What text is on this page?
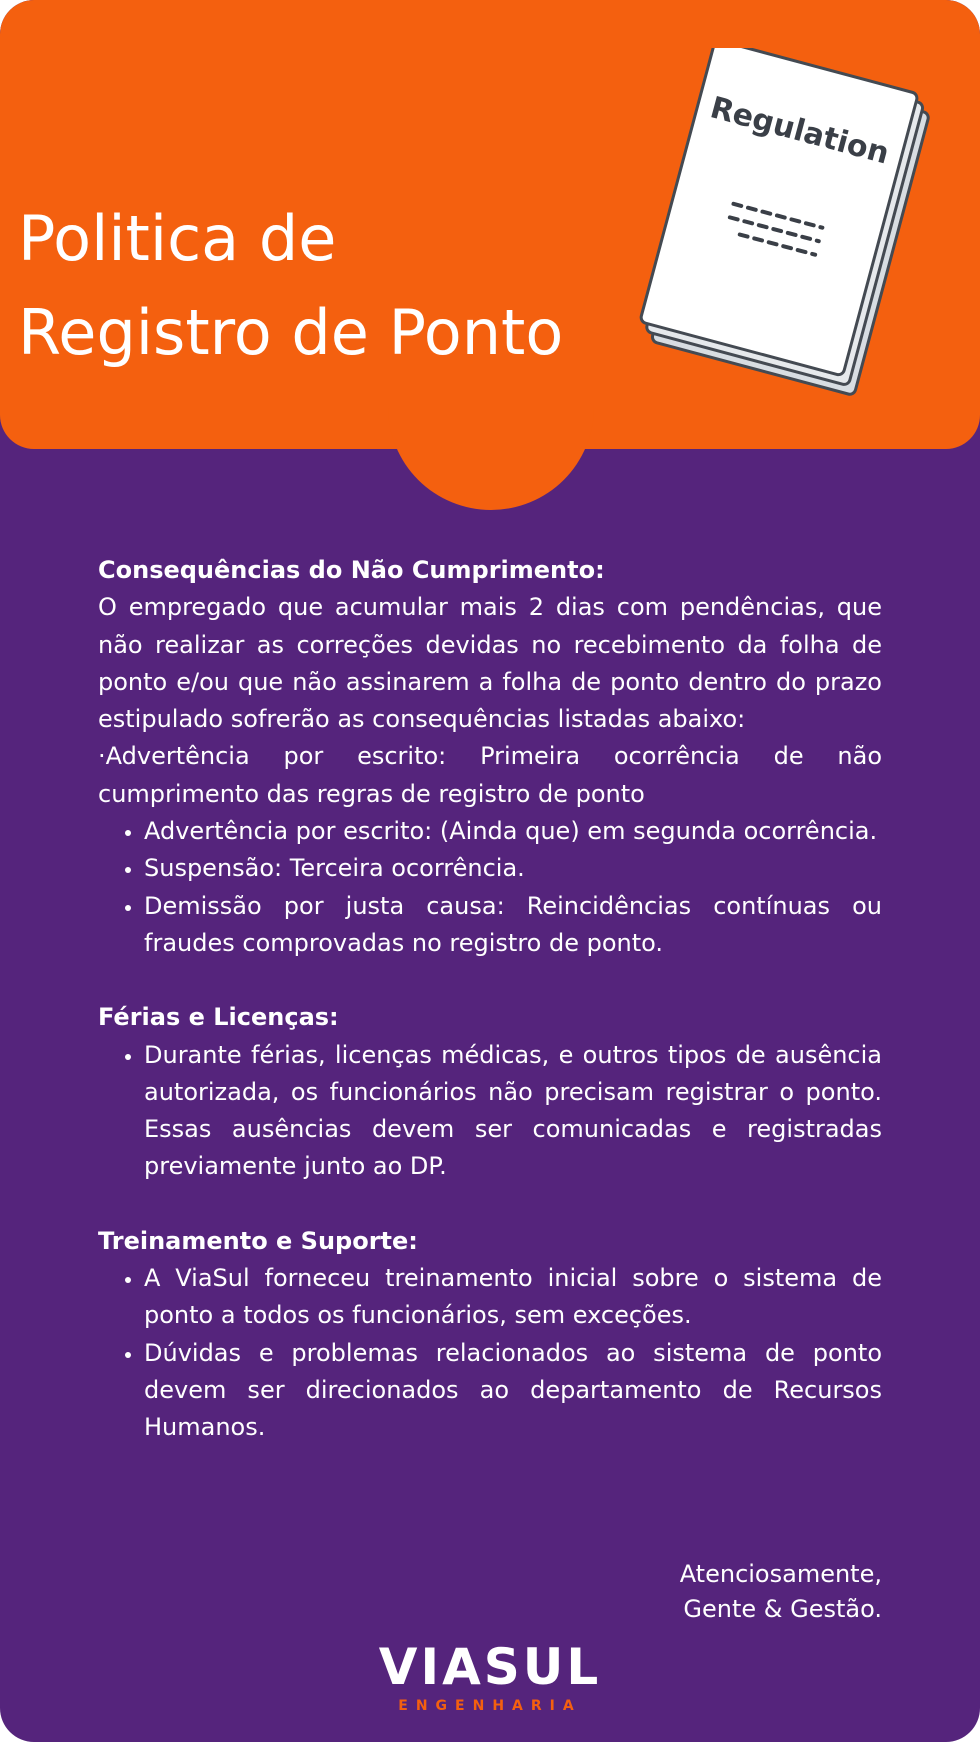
Politica de
Registro de Ponto
Regulation

Consequências do Não Cumprimento:

O empregado que acumular mais 2 dias com pendências, que não realizar as correções devidas no recebimento da folha de ponto e/ou que não assinarem a folha de ponto dentro do prazo estipulado sofrerão as consequências listadas abaixo:

·Advertência por escrito: Primeira ocorrência de não cumprimento das regras de registro de ponto

• Advertência por escrito: (Ainda que) em segunda ocorrência.
• Suspensão: Terceira ocorrência.
• Demissão por justa causa: Reincidências contínuas ou fraudes comprovadas no registro de ponto.

Férias e Licenças:

• Durante férias, licenças médicas, e outros tipos de ausência autorizada, os funcionários não precisam registrar o ponto. Essas ausências devem ser comunicadas e registradas previamente junto ao DP.

Treinamento e Suporte:

• A ViaSul forneceu treinamento inicial sobre o sistema de ponto a todos os funcionários, sem exceções.
• Dúvidas e problemas relacionados ao sistema de ponto devem ser direcionados ao departamento de Recursos Humanos.
Atenciosamente,
Gente & Gestão.
VIASUL
ENGENHARIA
